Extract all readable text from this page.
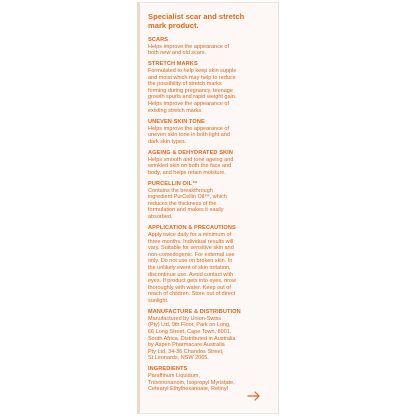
Specialist scar and stretch
mark product.
SCARS
Helps improve the appearance of
both new and old scars.
STRETCH MARKS
Formulated to help keep skin supple
and moist which may help to reduce
the possibility of stretch marks
forming during pregnancy, teenage
growth spurts and rapid weight gain.
Helps improve the appearance of
existing stretch marks.
UNEVEN SKIN TONE
Helps improve the appearance of
uneven skin tone in both light and
dark skin types.
AGEING & DEHYDRATED SKIN
Helps smooth and tone ageing and
wrinkled skin on both the face and
body, and helps retain moisture.
PURCELLIN OIL™
Contains the breakthrough
ingredient PurCellin Oil™, which
reduces the thickness of the
formulation and makes it easily
absorbed.
APPLICATION & PRECAUTIONS
Apply twice daily for a minimum of
three months. Individual results will
vary. Suitable for sensitive skin and
non-comedogenic. For external use
only. Do not use on broken skin. In
the unlikely event of skin irritation,
discontinue use. Avoid contact with
eyes. If product gets into eyes, rinse
thoroughly with water. Keep out of
reach of children. Store out of direct
sunlight.
MANUFACTURE & DISTRIBUTION
Manufactured by Union-Swiss
(Pty) Ltd, 9th Floor, Park on Long,
66 Long Street, Cape Town, 8001,
South Africa. Distributed in Australia
by Aspen Pharmacare Australia
Pty Ltd, 34-36 Chandos Street,
St Leonards, NSW 2065.
INGREDIENTS
Paraffinum Liquidum,
Triisononanoin, Isopropyl Myristate,
Cetearyl Ethylhexanoate, Retinyl
